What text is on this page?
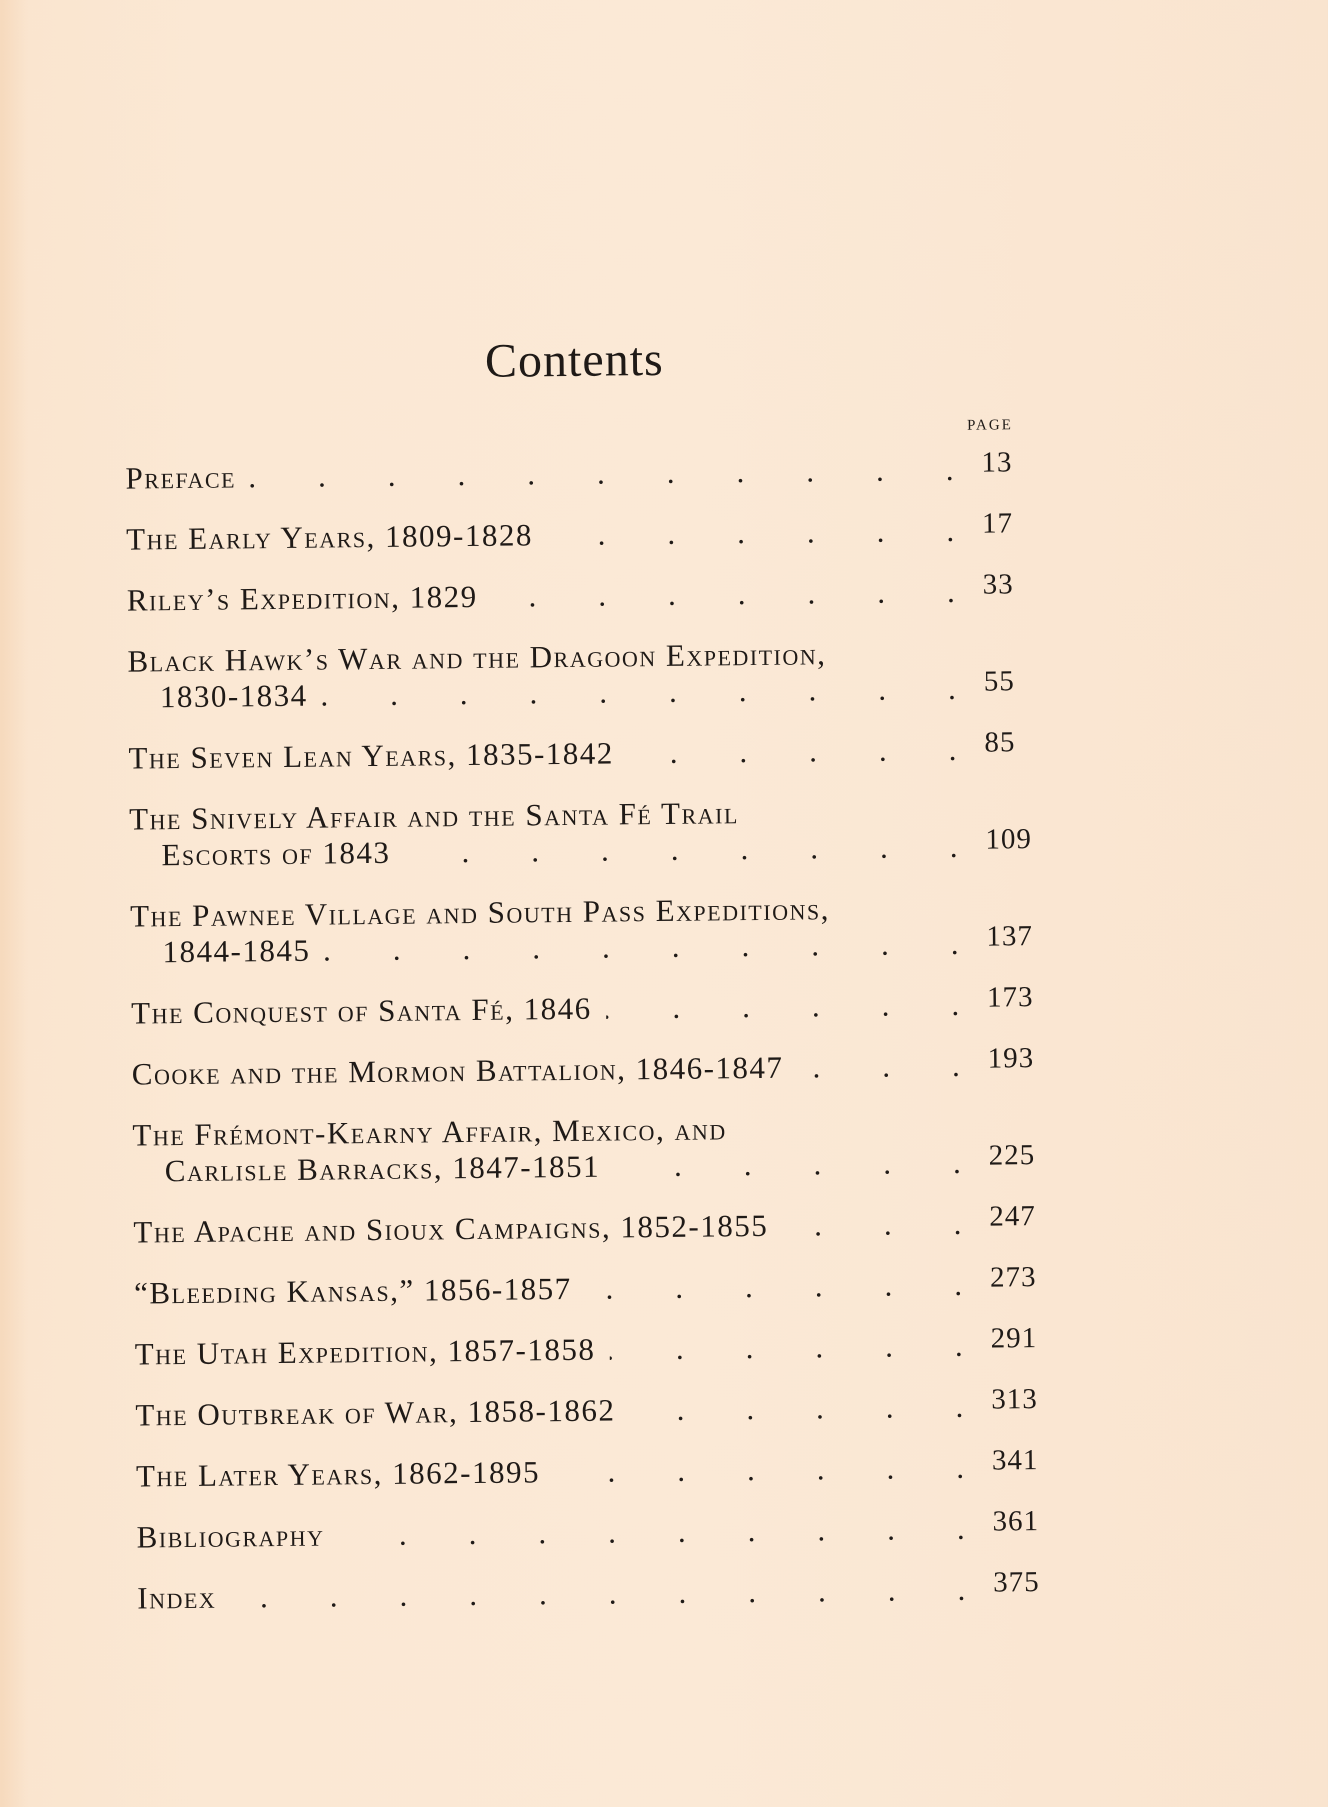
Contents
page
Preface .  . 	13
The Early Years, 1809-1828 .  . 	17
Riley’s Expedition, 1829 .  . 	33
Black Hawk’s War and the Dragoon Expedition,
1830-1834 .  . 	55
The Seven Lean Years, 1835-1842 .  . 	85
The Snively Affair and the Santa Fé Trail
Escorts of 1843 .  . 	109
The Pawnee Village and South Pass Expeditions,
1844-1845 .  . 	137
The Conquest of Santa Fé, 1846 .  . 	173
Cooke and the Mormon Battalion, 1846-1847 .  . 	193
The Frémont-Kearny Affair, Mexico, and
Carlisle Barracks, 1847-1851 .  . 	225
The Apache and Sioux Campaigns, 1852-1855 .  . 	247
“Bleeding Kansas,” 1856-1857 .  . 	273
The Utah Expedition, 1857-1858 .  . 	291
The Outbreak of War, 1858-1862 .  . 	313
The Later Years, 1862-1895 .  . 	341
Bibliography .  . 	361
Index .  . 	375
